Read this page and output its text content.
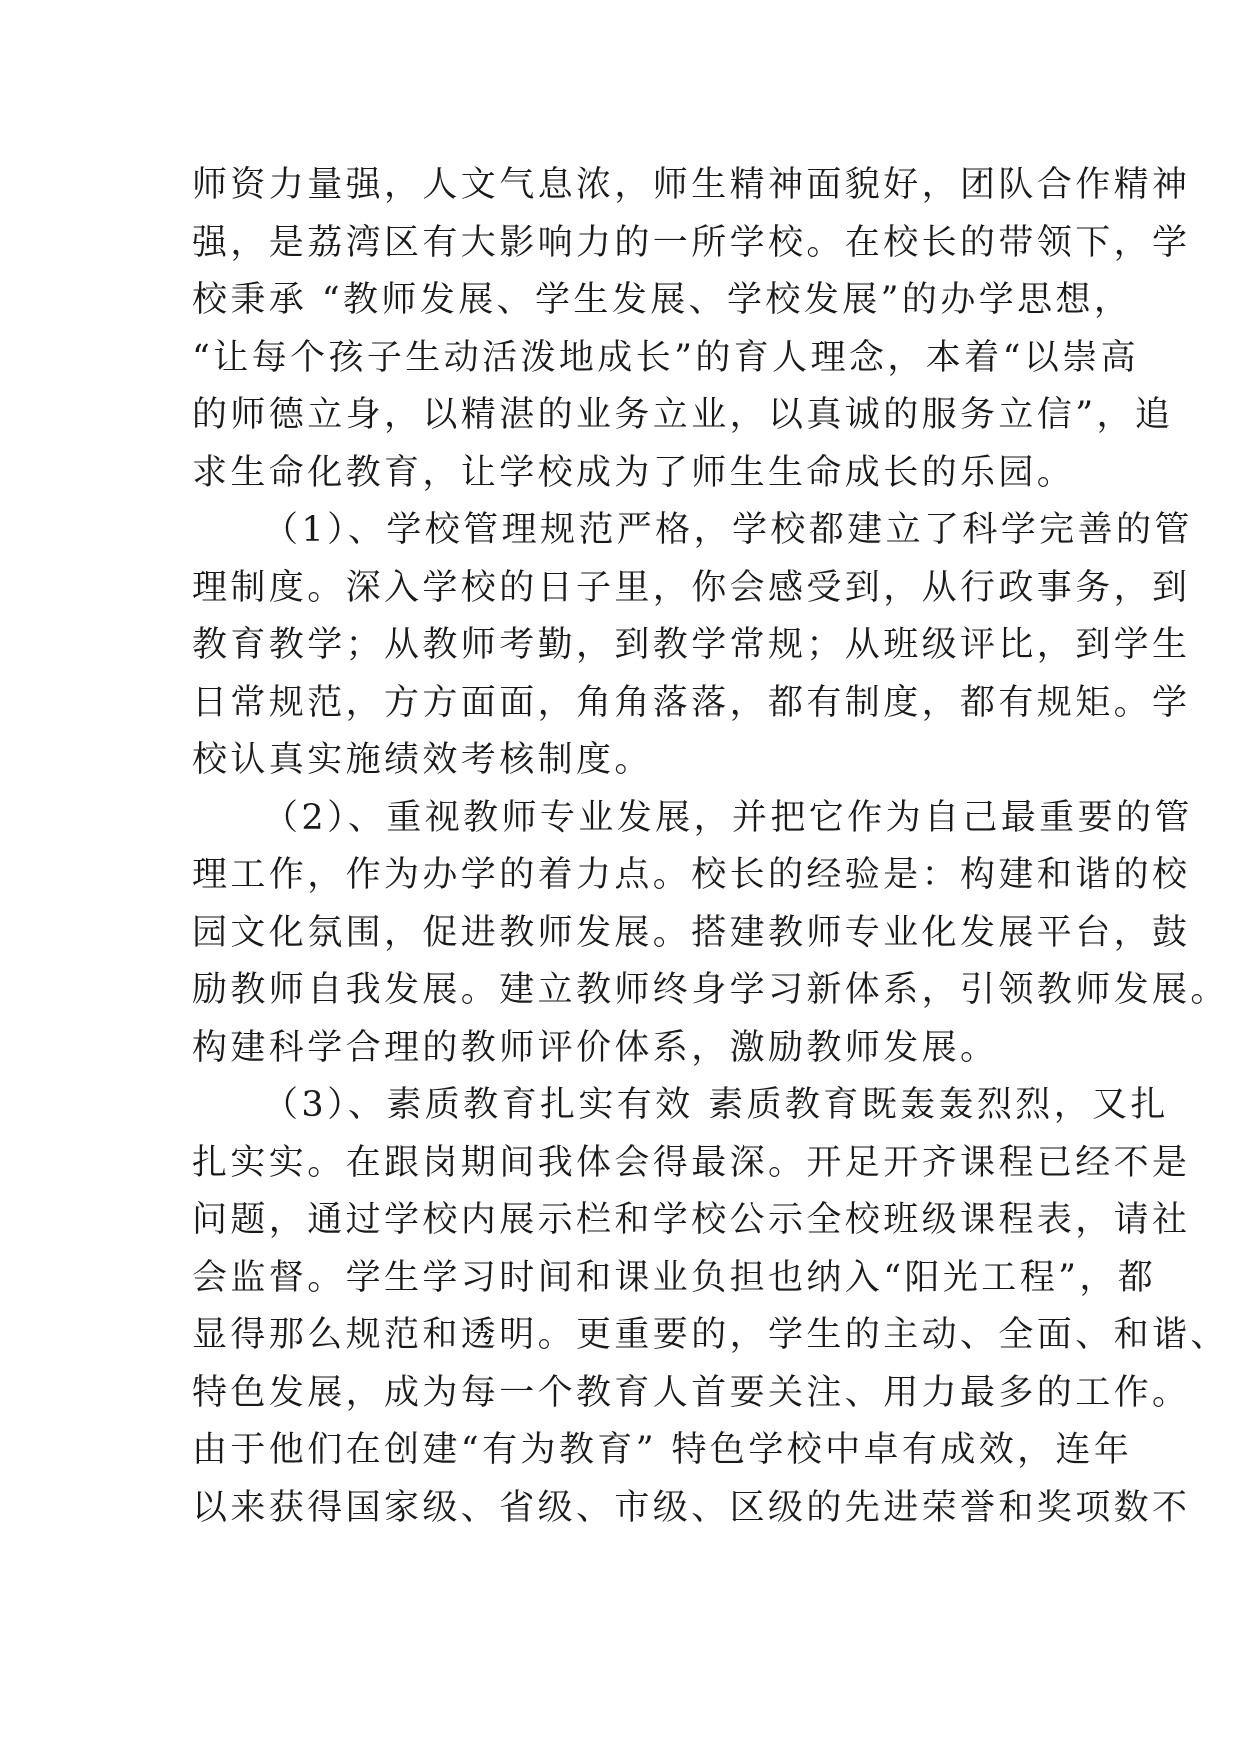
师资力量强，人文气息浓，师生精神面貌好，团队合作精神
强，是荔湾区有大影响力的一所学校。在校长的带领下，学
校秉承 “教师发展、学生发展、学校发展”的办学思想，
“让每个孩子生动活泼地成长”的育人理念，本着“以崇高
的师德立身，以精湛的业务立业，以真诚的服务立信”，追
求生命化教育，让学校成为了师生生命成长的乐园。
（1）、学校管理规范严格，学校都建立了科学完善的管
理制度。深入学校的日子里，你会感受到，从行政事务，到
教育教学；从教师考勤，到教学常规；从班级评比，到学生
日常规范，方方面面，角角落落，都有制度，都有规矩。学
校认真实施绩效考核制度。
（2）、重视教师专业发展，并把它作为自己最重要的管
理工作，作为办学的着力点。校长的经验是：构建和谐的校
园文化氛围，促进教师发展。搭建教师专业化发展平台，鼓
励教师自我发展。建立教师终身学习新体系，引领教师发展。
构建科学合理的教师评价体系，激励教师发展。
（3）、素质教育扎实有效 素质教育既轰轰烈烈，又扎
扎实实。在跟岗期间我体会得最深。开足开齐课程已经不是
问题，通过学校内展示栏和学校公示全校班级课程表，请社
会监督。学生学习时间和课业负担也纳入“阳光工程”，都
显得那么规范和透明。更重要的，学生的主动、全面、和谐、
特色发展，成为每一个教育人首要关注、用力最多的工作。
由于他们在创建“有为教育” 特色学校中卓有成效，连年
以来获得国家级、省级、市级、区级的先进荣誉和奖项数不
